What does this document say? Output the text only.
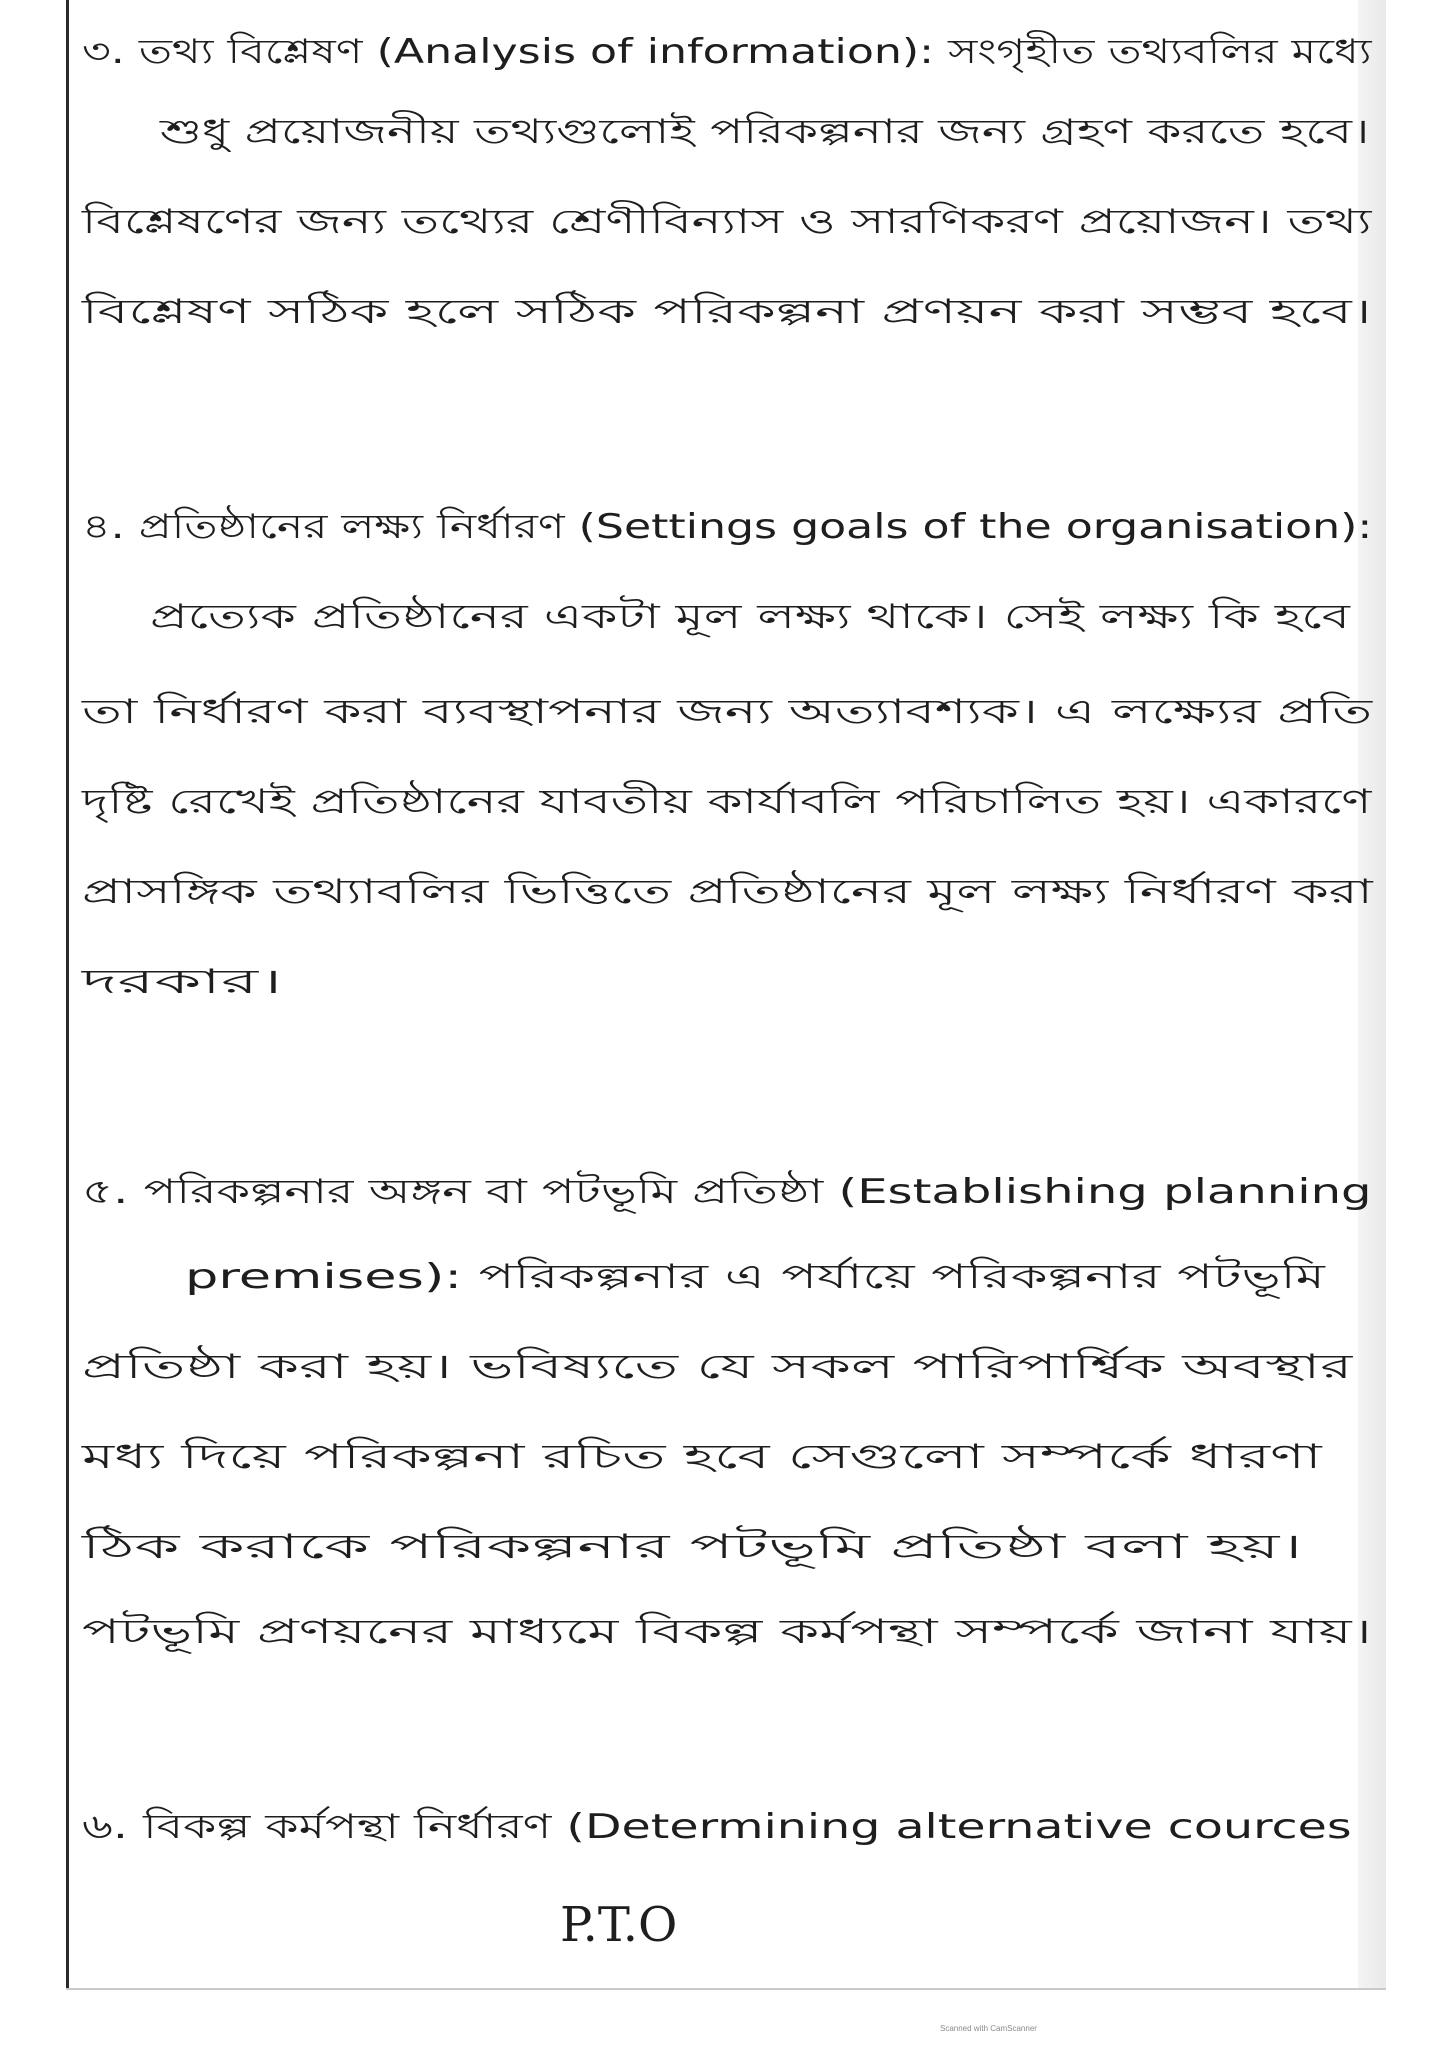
৩. তথ্য বিশ্লেষণ (Analysis of information): সংগৃহীত তথ্যবলির মধ্যে
শুধু প্রয়োজনীয় তথ্যগুলোই পরিকল্পনার জন্য গ্রহণ করতে হবে।
বিশ্লেষণের জন্য তথ্যের শ্রেণীবিন্যাস ও সারণিকরণ প্রয়োজন। তথ্য
বিশ্লেষণ সঠিক হলে সঠিক পরিকল্পনা প্রণয়ন করা সম্ভব হবে।
৪. প্রতিষ্ঠানের লক্ষ্য নির্ধারণ (Settings goals of the organisation):
প্রত্যেক প্রতিষ্ঠানের একটা মূল লক্ষ্য থাকে। সেই লক্ষ্য কি হবে
তা নির্ধারণ করা ব্যবস্থাপনার জন্য অত্যাবশ্যক। এ লক্ষ্যের প্রতি
দৃষ্টি রেখেই প্রতিষ্ঠানের যাবতীয় কার্যাবলি পরিচালিত হয়। একারণে
প্রাসঙ্গিক তথ্যাবলির ভিত্তিতে প্রতিষ্ঠানের মূল লক্ষ্য নির্ধারণ করা
দরকার।
৫. পরিকল্পনার অঙ্গন বা পটভূমি প্রতিষ্ঠা (Establishing planning
premises): পরিকল্পনার এ পর্যায়ে পরিকল্পনার পটভূমি
প্রতিষ্ঠা করা হয়। ভবিষ্যতে যে সকল পারিপার্শ্বিক অবস্থার
মধ্য দিয়ে পরিকল্পনা রচিত হবে সেগুলো সম্পর্কে ধারণা
ঠিক করাকে পরিকল্পনার পটভূমি প্রতিষ্ঠা বলা হয়।
পটভূমি প্রণয়নের মাধ্যমে বিকল্প কর্মপন্থা সম্পর্কে জানা যায়।
৬. বিকল্প কর্মপন্থা নির্ধারণ (Determining alternative cources
P.T.O
Scanned with CamScanner
